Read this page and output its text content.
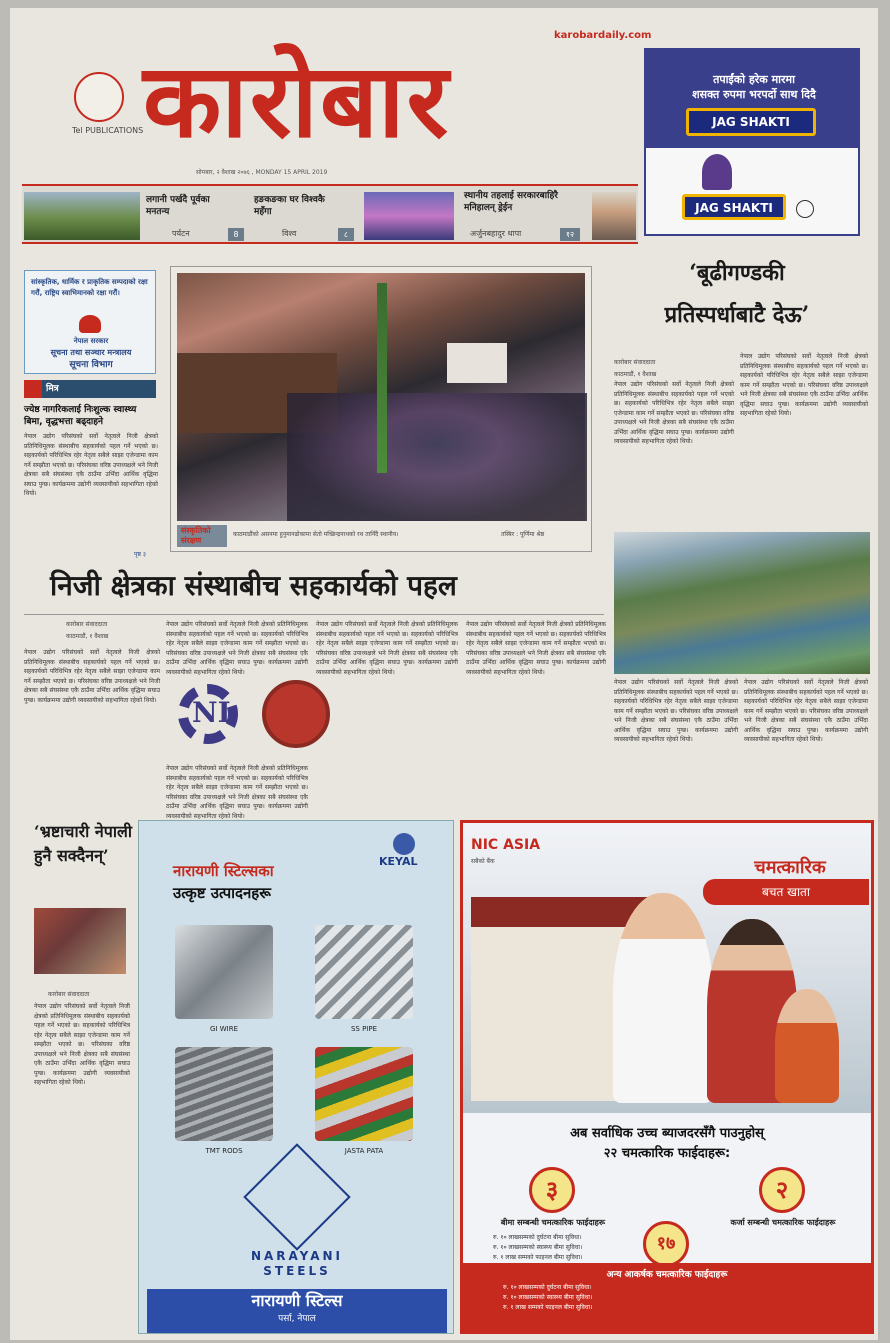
Tel PUBLICATIONS कारोबार
karobardaily.com
सोमबार, २ वैशाख २०७६ , MONDAY 15 APRIL 2019
तपाईंको हरेक मारमा
शसक्त रुपमा भरपर्दो साथ दिदै
JAG SHAKTI
JAG SHAKTI
लगानी पर्खदै पूर्वका मनतन्य
पर्यटन	8
हङकङका घर विश्वकै महँगा
विश्व	८
स्थानीय तहलाई सरकारबाहिरै मनिहालन् ड्रेईन
अर्जुनबहादुर थापा	१२
सांस्कृतिक, धार्मिक र प्राकृतिक सम्पदाको रक्षा गरौं, राष्ट्रिय स्वाभिमानको रक्षा गरौं।
नेपाल सरकार
सूचना तथा सञ्चार मन्त्रालय
सूचना विभाग
मित्र
ज्येष्ठ नागरिकलाई निःशुल्क स्वास्थ्य बिमा, वृद्धभत्ता बढ्दाहने
नेपाल उद्योग परिसंघको सर्वो नेतृत्वले निजी क्षेत्रको प्रतिनिधिमूलक संस्थाबीच सहकार्यको पहल गर्ने भएको छ। सहकार्यको परिधिभित्र रहेर नेतृत्व सबैले साझा एजेन्डामा काम गर्ने सम्झौता भएको छ। परिसंघका वरिष्ठ उपाध्यक्षले भने निजी क्षेत्रका सबै संघसंस्था एकै ठाउँमा उभिँदा आर्थिक वृद्धिमा सघाउ पुग्छ। कार्यक्रममा उद्योगी व्यवसायीको सहभागिता रहेको थियो।
पृष्ठ ३
संस्कृतिको संरक्षण
काठमाडौंको असनमा हुनुमानढोकामा सेतो मच्छिन्द्रनाथको रथ तानिँदै स्थानीय।	तस्बिर : पूर्णिमा श्रेष्ठ
‘बूढीगण्डकी
प्रतिस्पर्धाबाटै देऊ’
कारोबार संवाददाता
काठमाडौं, १ वैशाख
नेपाल उद्योग परिसंघको सर्वो नेतृत्वले निजी क्षेत्रको प्रतिनिधिमूलक संस्थाबीच सहकार्यको पहल गर्ने भएको छ। सहकार्यको परिधिभित्र रहेर नेतृत्व सबैले साझा एजेन्डामा काम गर्ने सम्झौता भएको छ। परिसंघका वरिष्ठ उपाध्यक्षले भने निजी क्षेत्रका सबै संघसंस्था एकै ठाउँमा उभिँदा आर्थिक वृद्धिमा सघाउ पुग्छ। कार्यक्रममा उद्योगी व्यवसायीको सहभागिता रहेको थियो।
नेपाल उद्योग परिसंघको सर्वो नेतृत्वले निजी क्षेत्रको प्रतिनिधिमूलक संस्थाबीच सहकार्यको पहल गर्ने भएको छ। सहकार्यको परिधिभित्र रहेर नेतृत्व सबैले साझा एजेन्डामा काम गर्ने सम्झौता भएको छ। परिसंघका वरिष्ठ उपाध्यक्षले भने निजी क्षेत्रका सबै संघसंस्था एकै ठाउँमा उभिँदा आर्थिक वृद्धिमा सघाउ पुग्छ। कार्यक्रममा उद्योगी व्यवसायीको सहभागिता रहेको थियो।
नेपाल उद्योग परिसंघको सर्वो नेतृत्वले निजी क्षेत्रको प्रतिनिधिमूलक संस्थाबीच सहकार्यको पहल गर्ने भएको छ। सहकार्यको परिधिभित्र रहेर नेतृत्व सबैले साझा एजेन्डामा काम गर्ने सम्झौता भएको छ। परिसंघका वरिष्ठ उपाध्यक्षले भने निजी क्षेत्रका सबै संघसंस्था एकै ठाउँमा उभिँदा आर्थिक वृद्धिमा सघाउ पुग्छ। कार्यक्रममा उद्योगी व्यवसायीको सहभागिता रहेको थियो।
नेपाल उद्योग परिसंघको सर्वो नेतृत्वले निजी क्षेत्रको प्रतिनिधिमूलक संस्थाबीच सहकार्यको पहल गर्ने भएको छ। सहकार्यको परिधिभित्र रहेर नेतृत्व सबैले साझा एजेन्डामा काम गर्ने सम्झौता भएको छ। परिसंघका वरिष्ठ उपाध्यक्षले भने निजी क्षेत्रका सबै संघसंस्था एकै ठाउँमा उभिँदा आर्थिक वृद्धिमा सघाउ पुग्छ। कार्यक्रममा उद्योगी व्यवसायीको सहभागिता रहेको थियो।
निजी क्षेत्रका संस्थाबीच सहकार्यको पहल
कारोबार संवाददाता
काठमाडौं, १ वैशाख
नेपाल उद्योग परिसंघको सर्वो नेतृत्वले निजी क्षेत्रको प्रतिनिधिमूलक संस्थाबीच सहकार्यको पहल गर्ने भएको छ। सहकार्यको परिधिभित्र रहेर नेतृत्व सबैले साझा एजेन्डामा काम गर्ने सम्झौता भएको छ। परिसंघका वरिष्ठ उपाध्यक्षले भने निजी क्षेत्रका सबै संघसंस्था एकै ठाउँमा उभिँदा आर्थिक वृद्धिमा सघाउ पुग्छ। कार्यक्रममा उद्योगी व्यवसायीको सहभागिता रहेको थियो।
नेपाल उद्योग परिसंघको सर्वो नेतृत्वले निजी क्षेत्रको प्रतिनिधिमूलक संस्थाबीच सहकार्यको पहल गर्ने भएको छ। सहकार्यको परिधिभित्र रहेर नेतृत्व सबैले साझा एजेन्डामा काम गर्ने सम्झौता भएको छ। परिसंघका वरिष्ठ उपाध्यक्षले भने निजी क्षेत्रका सबै संघसंस्था एकै ठाउँमा उभिँदा आर्थिक वृद्धिमा सघाउ पुग्छ। कार्यक्रममा उद्योगी व्यवसायीको सहभागिता रहेको थियो।
NI
नेपाल उद्योग परिसंघको सर्वो नेतृत्वले निजी क्षेत्रको प्रतिनिधिमूलक संस्थाबीच सहकार्यको पहल गर्ने भएको छ। सहकार्यको परिधिभित्र रहेर नेतृत्व सबैले साझा एजेन्डामा काम गर्ने सम्झौता भएको छ। परिसंघका वरिष्ठ उपाध्यक्षले भने निजी क्षेत्रका सबै संघसंस्था एकै ठाउँमा उभिँदा आर्थिक वृद्धिमा सघाउ पुग्छ। कार्यक्रममा उद्योगी व्यवसायीको सहभागिता रहेको थियो।
नेपाल उद्योग परिसंघको सर्वो नेतृत्वले निजी क्षेत्रको प्रतिनिधिमूलक संस्थाबीच सहकार्यको पहल गर्ने भएको छ। सहकार्यको परिधिभित्र रहेर नेतृत्व सबैले साझा एजेन्डामा काम गर्ने सम्झौता भएको छ। परिसंघका वरिष्ठ उपाध्यक्षले भने निजी क्षेत्रका सबै संघसंस्था एकै ठाउँमा उभिँदा आर्थिक वृद्धिमा सघाउ पुग्छ। कार्यक्रममा उद्योगी व्यवसायीको सहभागिता रहेको थियो।
नेपाल उद्योग परिसंघको सर्वो नेतृत्वले निजी क्षेत्रको प्रतिनिधिमूलक संस्थाबीच सहकार्यको पहल गर्ने भएको छ। सहकार्यको परिधिभित्र रहेर नेतृत्व सबैले साझा एजेन्डामा काम गर्ने सम्झौता भएको छ। परिसंघका वरिष्ठ उपाध्यक्षले भने निजी क्षेत्रका सबै संघसंस्था एकै ठाउँमा उभिँदा आर्थिक वृद्धिमा सघाउ पुग्छ। कार्यक्रममा उद्योगी व्यवसायीको सहभागिता रहेको थियो।
‘भ्रष्टाचारी नेपाली हुनै सक्दैनन्’
कारोबार संवाददाता
नेपाल उद्योग परिसंघको सर्वो नेतृत्वले निजी क्षेत्रको प्रतिनिधिमूलक संस्थाबीच सहकार्यको पहल गर्ने भएको छ। सहकार्यको परिधिभित्र रहेर नेतृत्व सबैले साझा एजेन्डामा काम गर्ने सम्झौता भएको छ। परिसंघका वरिष्ठ उपाध्यक्षले भने निजी क्षेत्रका सबै संघसंस्था एकै ठाउँमा उभिँदा आर्थिक वृद्धिमा सघाउ पुग्छ। कार्यक्रममा उद्योगी व्यवसायीको सहभागिता रहेको थियो।
नारायणी स्टिल्सका
उत्कृष्ट उत्पादनहरू
KEYAL
GI WIRE	SS PIPE
TMT RODS	JASTA PATA
NARAYANI
STEELS
नारायणी स्टिल्स
पर्सा, नेपाल
NIC ASIA
सबैको बैंक	चमत्कारिक
बचत खाता
अब सर्वाधिक उच्च ब्याजदरसँगै पाउनुहोस्
२२ चमत्कारिक फाईदाहरू:
३
बीमा सम्बन्धी चमत्कारिक फाईदाहरू
२
कर्जा सम्बन्धी चमत्कारिक फाईदाहरू
१७
रु. १० लाखसम्मको दुर्घटना बीमा सुविधा।
रु. १० लाखसम्मको स्वास्थ्य बीमा सुविधा।
रु. १ लाख सम्मको फाइनल बीमा सुविधा।
अन्य आकर्षक चमत्कारिक फाईदाहरू
रु. १० लाखसम्मको दुर्घटना बीमा सुविधा।
रु. १० लाखसम्मको स्वास्थ्य बीमा सुविधा।
रु. १ लाख सम्मको फाइनल बीमा सुविधा।
